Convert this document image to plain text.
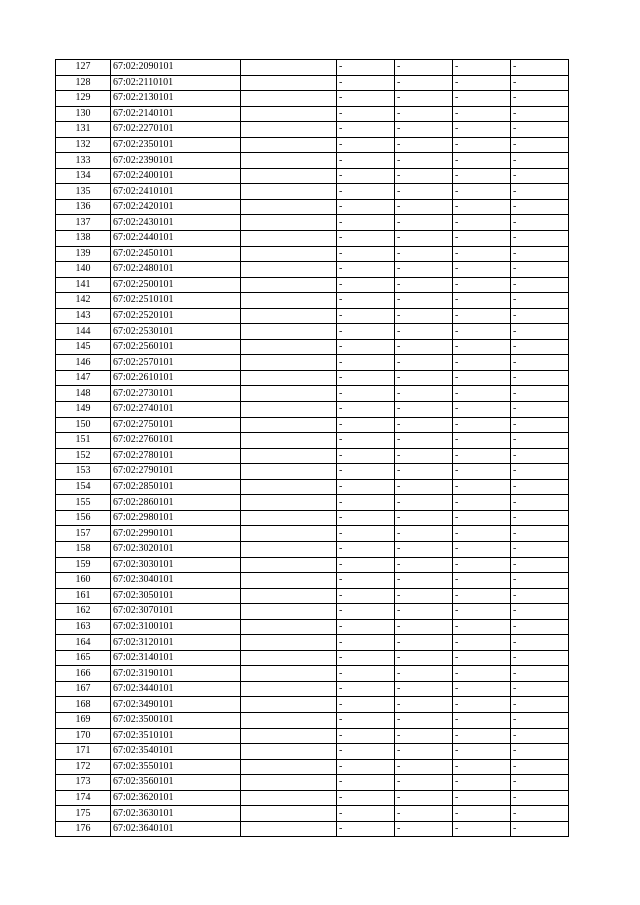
127	67:02:2090101		-	-	-	-
128	67:02:2110101		-	-	-	-
129	67:02:2130101		-	-	-	-
130	67:02:2140101		-	-	-	-
131	67:02:2270101		-	-	-	-
132	67:02:2350101		-	-	-	-
133	67:02:2390101		-	-	-	-
134	67:02:2400101		-	-	-	-
135	67:02:2410101		-	-	-	-
136	67:02:2420101		-	-	-	-
137	67:02:2430101		-	-	-	-
138	67:02:2440101		-	-	-	-
139	67:02:2450101		-	-	-	-
140	67:02:2480101		-	-	-	-
141	67:02:2500101		-	-	-	-
142	67:02:2510101		-	-	-	-
143	67:02:2520101		-	-	-	-
144	67:02:2530101		-	-	-	-
145	67:02:2560101		-	-	-	-
146	67:02:2570101		-	-	-	-
147	67:02:2610101		-	-	-	-
148	67:02:2730101		-	-	-	-
149	67:02:2740101		-	-	-	-
150	67:02:2750101		-	-	-	-
151	67:02:2760101		-	-	-	-
152	67:02:2780101		-	-	-	-
153	67:02:2790101		-	-	-	-
154	67:02:2850101		-	-	-	-
155	67:02:2860101		-	-	-	-
156	67:02:2980101		-	-	-	-
157	67:02:2990101		-	-	-	-
158	67:02:3020101		-	-	-	-
159	67:02:3030101		-	-	-	-
160	67:02:3040101		-	-	-	-
161	67:02:3050101		-	-	-	-
162	67:02:3070101		-	-	-	-
163	67:02:3100101		-	-	-	-
164	67:02:3120101		-	-	-	-
165	67:02:3140101		-	-	-	-
166	67:02:3190101		-	-	-	-
167	67:02:3440101		-	-	-	-
168	67:02:3490101		-	-	-	-
169	67:02:3500101		-	-	-	-
170	67:02:3510101		-	-	-	-
171	67:02:3540101		-	-	-	-
172	67:02:3550101		-	-	-	-
173	67:02:3560101		-	-	-	-
174	67:02:3620101		-	-	-	-
175	67:02:3630101		-	-	-	-
176	67:02:3640101		-	-	-	-
